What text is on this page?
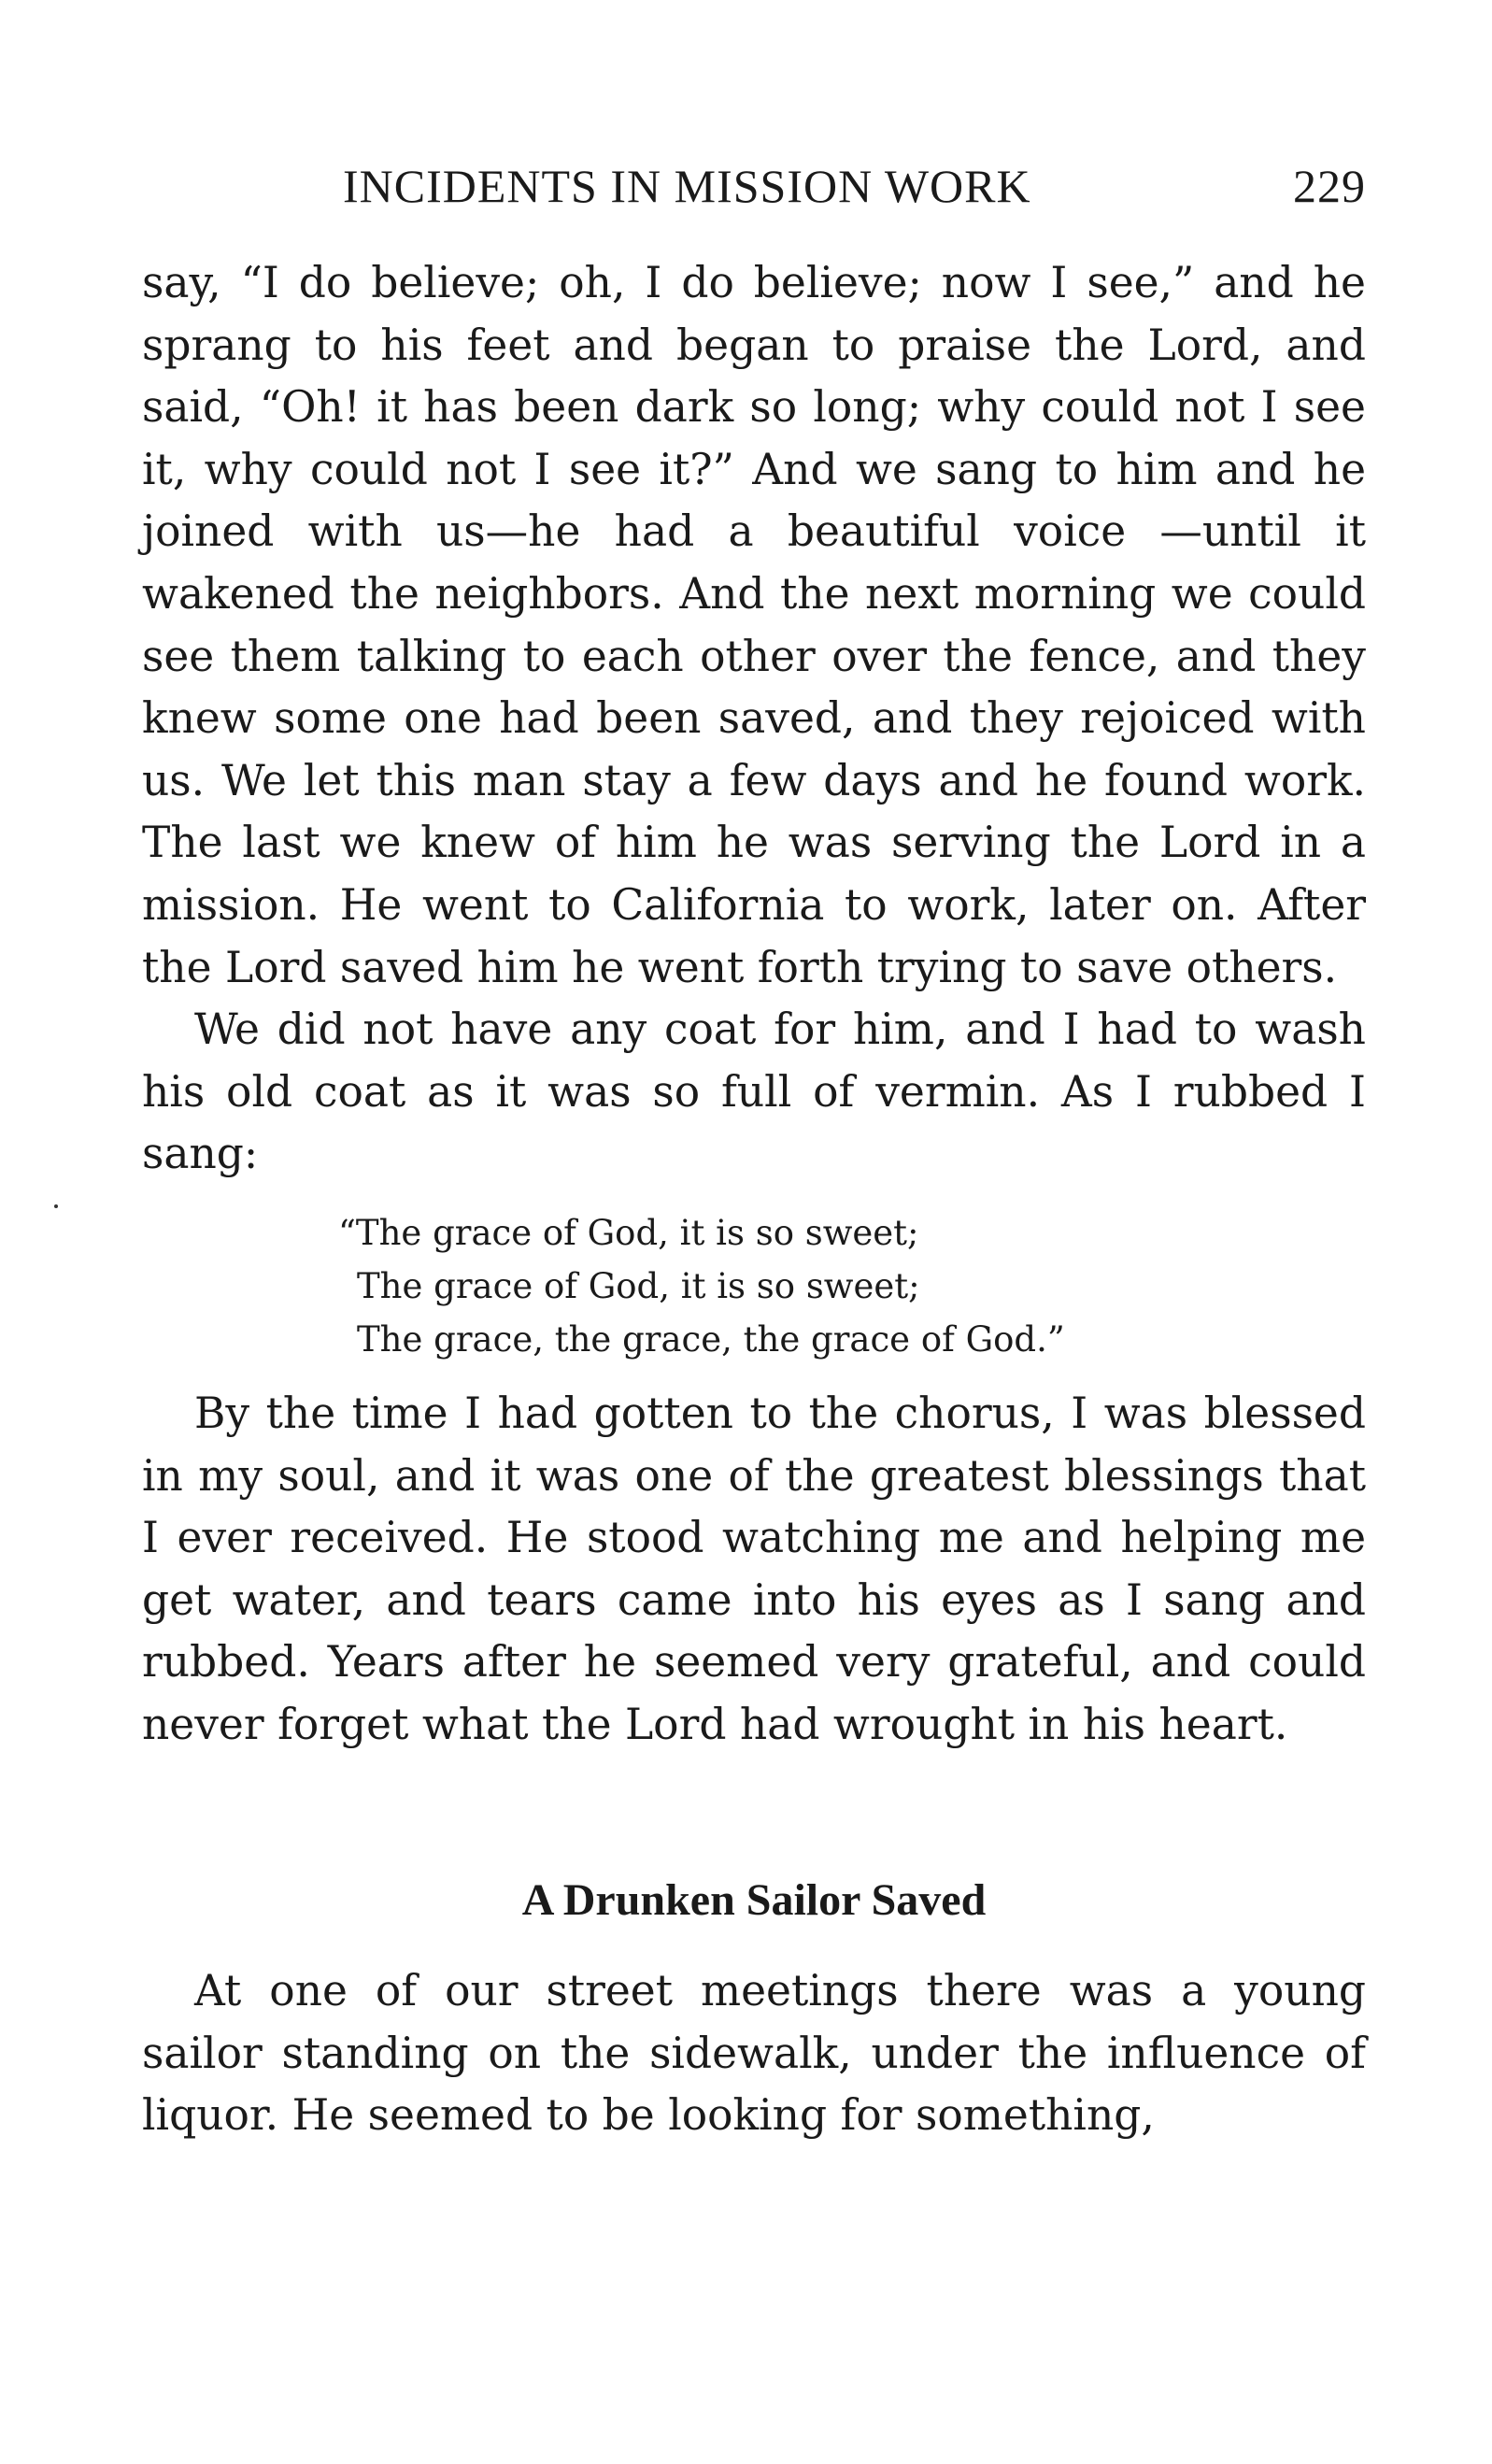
INCIDENTS IN MISSION WORK	229

say, “I do believe; oh, I do believe; now I see,” and he sprang to his feet and began to praise the Lord, and said, “Oh! it has been dark so long; why could not I see it, why could not I see it?” And we sang to him and he joined with us—he had a beautiful voice —until it wakened the neighbors. And the next morning we could see them talking to each other over the fence, and they knew some one had been saved, and they rejoiced with us. We let this man stay a few days and he found work. The last we knew of him he was serving the Lord in a mission. He went to California to work, later on. After the Lord saved him he went forth trying to save others.

We did not have any coat for him, and I had to wash his old coat as it was so full of vermin. As I rubbed I sang:

“The grace of God, it is so sweet;
The grace of God, it is so sweet;
The grace, the grace, the grace of God.”

By the time I had gotten to the chorus, I was blessed in my soul, and it was one of the greatest blessings that I ever received. He stood watching me and helping me get water, and tears came into his eyes as I sang and rubbed. Years after he seemed very grateful, and could never forget what the Lord had wrought in his heart.

A Drunken Sailor Saved

At one of our street meetings there was a young sailor standing on the sidewalk, under the influence of liquor. He seemed to be looking for something,
